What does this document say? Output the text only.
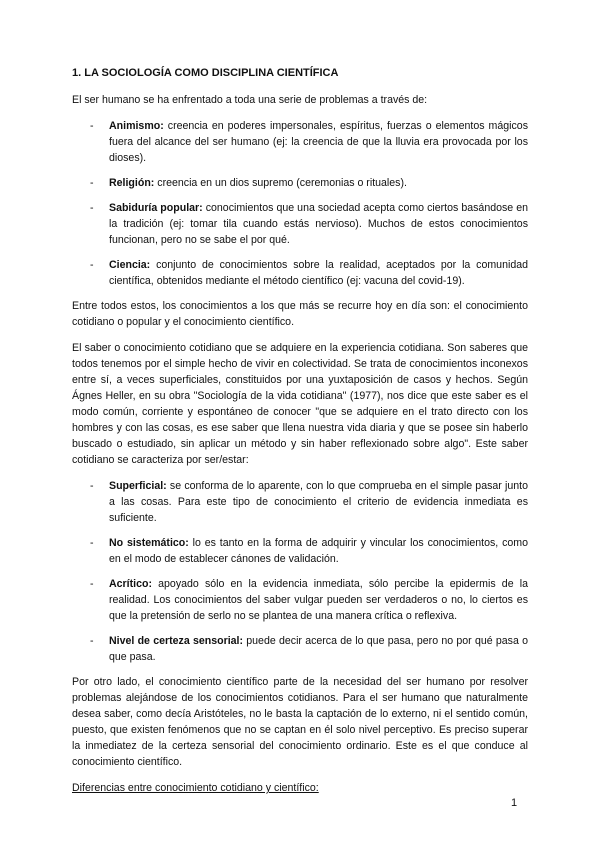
1. LA SOCIOLOGÍA COMO DISCIPLINA CIENTÍFICA

El ser humano se ha enfrentado a toda una serie de problemas a través de:

- Animismo: creencia en poderes impersonales, espíritus, fuerzas o elementos mágicos fuera del alcance del ser humano (ej: la creencia de que la lluvia era provocada por los dioses).
- Religión: creencia en un dios supremo (ceremonias o rituales).
- Sabiduría popular: conocimientos que una sociedad acepta como ciertos basándose en la tradición (ej: tomar tila cuando estás nervioso). Muchos de estos conocimientos funcionan, pero no se sabe el por qué.
- Ciencia: conjunto de conocimientos sobre la realidad, aceptados por la comunidad científica, obtenidos mediante el método científico (ej: vacuna del covid-19).

Entre todos estos, los conocimientos a los que más se recurre hoy en día son: el conocimiento cotidiano o popular y el conocimiento científico.

El saber o conocimiento cotidiano que se adquiere en la experiencia cotidiana. Son saberes que todos tenemos por el simple hecho de vivir en colectividad. Se trata de conocimientos inconexos entre sí, a veces superficiales, constituidos por una yuxtaposición de casos y hechos. Según Ágnes Heller, en su obra "Sociología de la vida cotidiana" (1977), nos dice que este saber es el modo común, corriente y espontáneo de conocer "que se adquiere en el trato directo con los hombres y con las cosas, es ese saber que llena nuestra vida diaria y que se posee sin haberlo buscado o estudiado, sin aplicar un método y sin haber reflexionado sobre algo". Este saber cotidiano se caracteriza por ser/estar:

- Superficial: se conforma de lo aparente, con lo que comprueba en el simple pasar junto a las cosas. Para este tipo de conocimiento el criterio de evidencia inmediata es suficiente.
- No sistemático: lo es tanto en la forma de adquirir y vincular los conocimientos, como en el modo de establecer cánones de validación.
- Acrítico: apoyado sólo en la evidencia inmediata, sólo percibe la epidermis de la realidad. Los conocimientos del saber vulgar pueden ser verdaderos o no, lo ciertos es que la pretensión de serlo no se plantea de una manera crítica o reflexiva.
- Nivel de certeza sensorial: puede decir acerca de lo que pasa, pero no por qué pasa o que pasa.

Por otro lado, el conocimiento científico parte de la necesidad del ser humano por resolver problemas alejándose de los conocimientos cotidianos. Para el ser humano que naturalmente desea saber, como decía Aristóteles, no le basta la captación de lo externo, ni el sentido común, puesto, que existen fenómenos que no se captan en él solo nivel perceptivo. Es preciso superar la inmediatez de la certeza sensorial del conocimiento ordinario. Este es el que conduce al conocimiento científico.

Diferencias entre conocimiento cotidiano y científico:
1
